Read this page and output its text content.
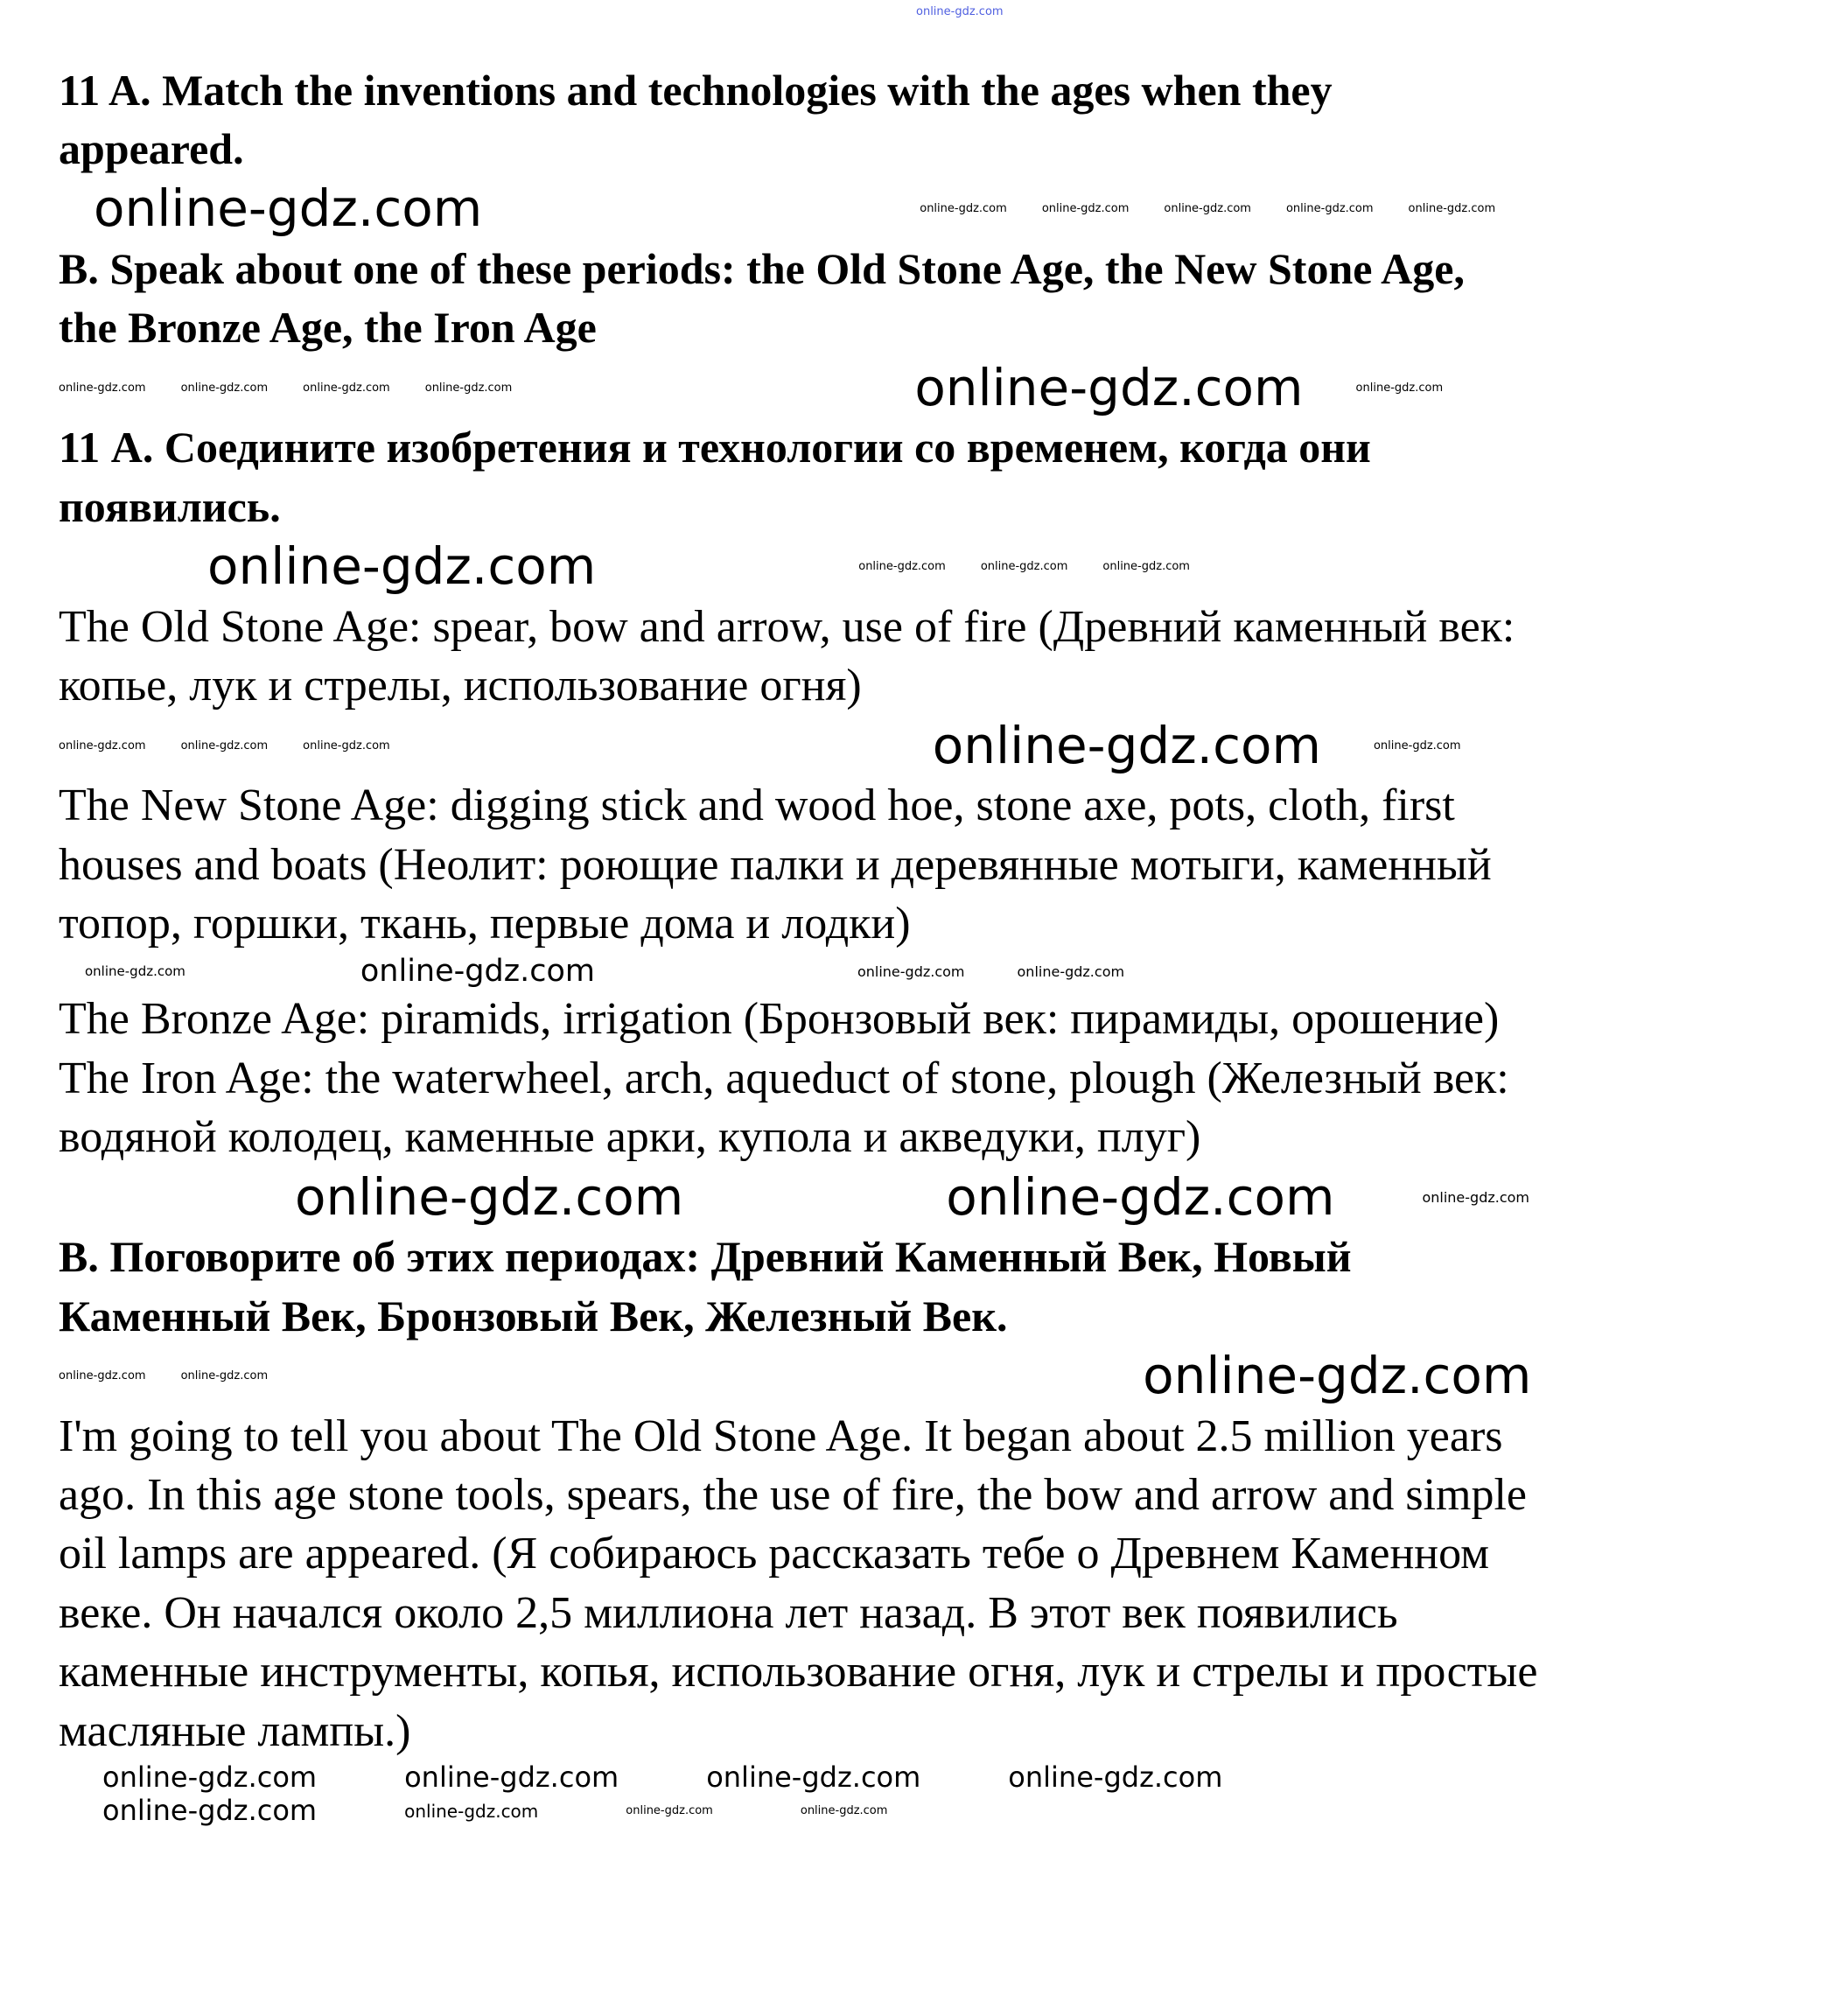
online-gdz.com
11 A. Match the inventions and technologies with the ages when they
appeared.
online-gdz.com	online-gdz.com	online-gdz.com	online-gdz.com	online-gdz.com	online-gdz.com
B. Speak about one of these periods: the Old Stone Age, the New Stone Age,
the Bronze Age, the Iron Age
online-gdz.com	online-gdz.com	online-gdz.com	online-gdz.com	online-gdz.com	online-gdz.com
11 А. Соедините изобретения и технологии со временем, когда они
появились.
online-gdz.com	online-gdz.com	online-gdz.com	online-gdz.com
The Old Stone Age: spear, bow and arrow, use of fire (Древний каменный век:
копье, лук и стрелы, использование огня)
online-gdz.com	online-gdz.com	online-gdz.com	online-gdz.com	online-gdz.com
The New Stone Age: digging stick and wood hoe, stone axe, pots, cloth, first
houses and boats (Неолит: роющие палки и деревянные мотыги, каменный
топор, горшки, ткань, первые дома и лодки)
online-gdz.com	online-gdz.com	online-gdz.com	online-gdz.com
The Bronze Age: piramids, irrigation (Бронзовый век: пирамиды, орошение)
The Iron Age: the waterwheel, arch, aqueduct of stone, plough (Железный век:
водяной колодец, каменные арки, купола и акведуки, плуг)
online-gdz.com	online-gdz.com	online-gdz.com
В. Поговорите об этих периодах: Древний Каменный Век, Новый
Каменный Век, Бронзовый Век, Железный Век.
online-gdz.com	online-gdz.com	online-gdz.com
I'm going to tell you about The Old Stone Age. It began about 2.5 million years
ago. In this age stone tools, spears, the use of fire, the bow and arrow and simple
oil lamps are appeared. (Я собираюсь рассказать тебе о Древнем Каменном
веке. Он начался около 2,5 миллиона лет назад. В этот век появились
каменные инструменты, копья, использование огня, лук и стрелы и простые
масляные лампы.)
online-gdz.com	online-gdz.com	online-gdz.com	online-gdz.com
online-gdz.com	online-gdz.com	online-gdz.com	online-gdz.com
